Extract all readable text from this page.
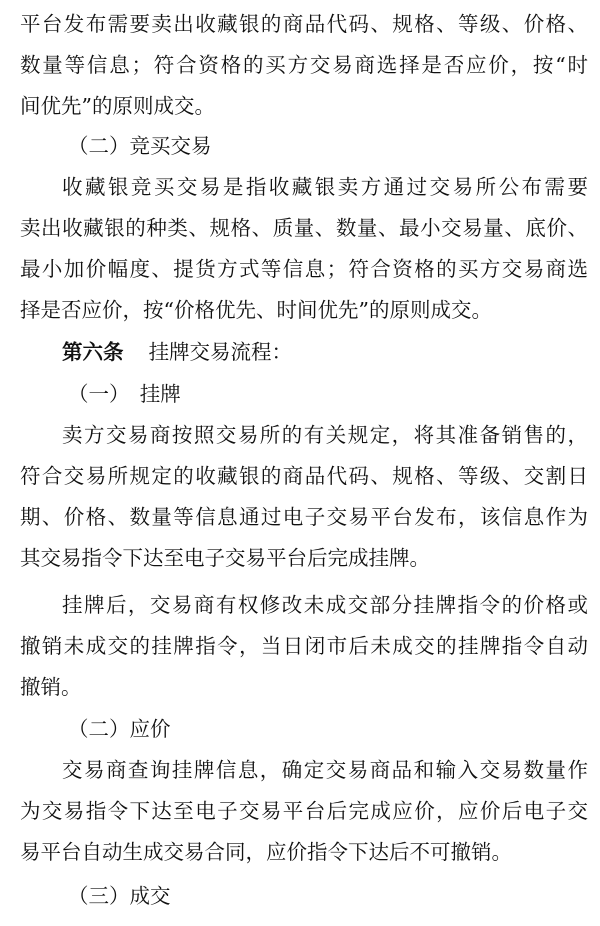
平台发布需要卖出收藏银的商品代码、规格、等级、价格、
数量等信息；符合资格的买方交易商选择是否应价，按“时
间优先”的原则成交。
（二）竞买交易
收藏银竞买交易是指收藏银卖方通过交易所公布需要
卖出收藏银的种类、规格、质量、数量、最小交易量、底价、
最小加价幅度、提货方式等信息；符合资格的买方交易商选
择是否应价，按“价格优先、时间优先”的原则成交。
第六条 挂牌交易流程：
（一）　挂牌
卖方交易商按照交易所的有关规定，将其准备销售的，
符合交易所规定的收藏银的商品代码、规格、等级、交割日
期、价格、数量等信息通过电子交易平台发布，该信息作为
其交易指令下达至电子交易平台后完成挂牌。
挂牌后，交易商有权修改未成交部分挂牌指令的价格或
撤销未成交的挂牌指令，当日闭市后未成交的挂牌指令自动
撤销。
（二）应价
交易商查询挂牌信息，确定交易商品和输入交易数量作
为交易指令下达至电子交易平台后完成应价，应价后电子交
易平台自动生成交易合同，应价指令下达后不可撤销。
（三）成交
